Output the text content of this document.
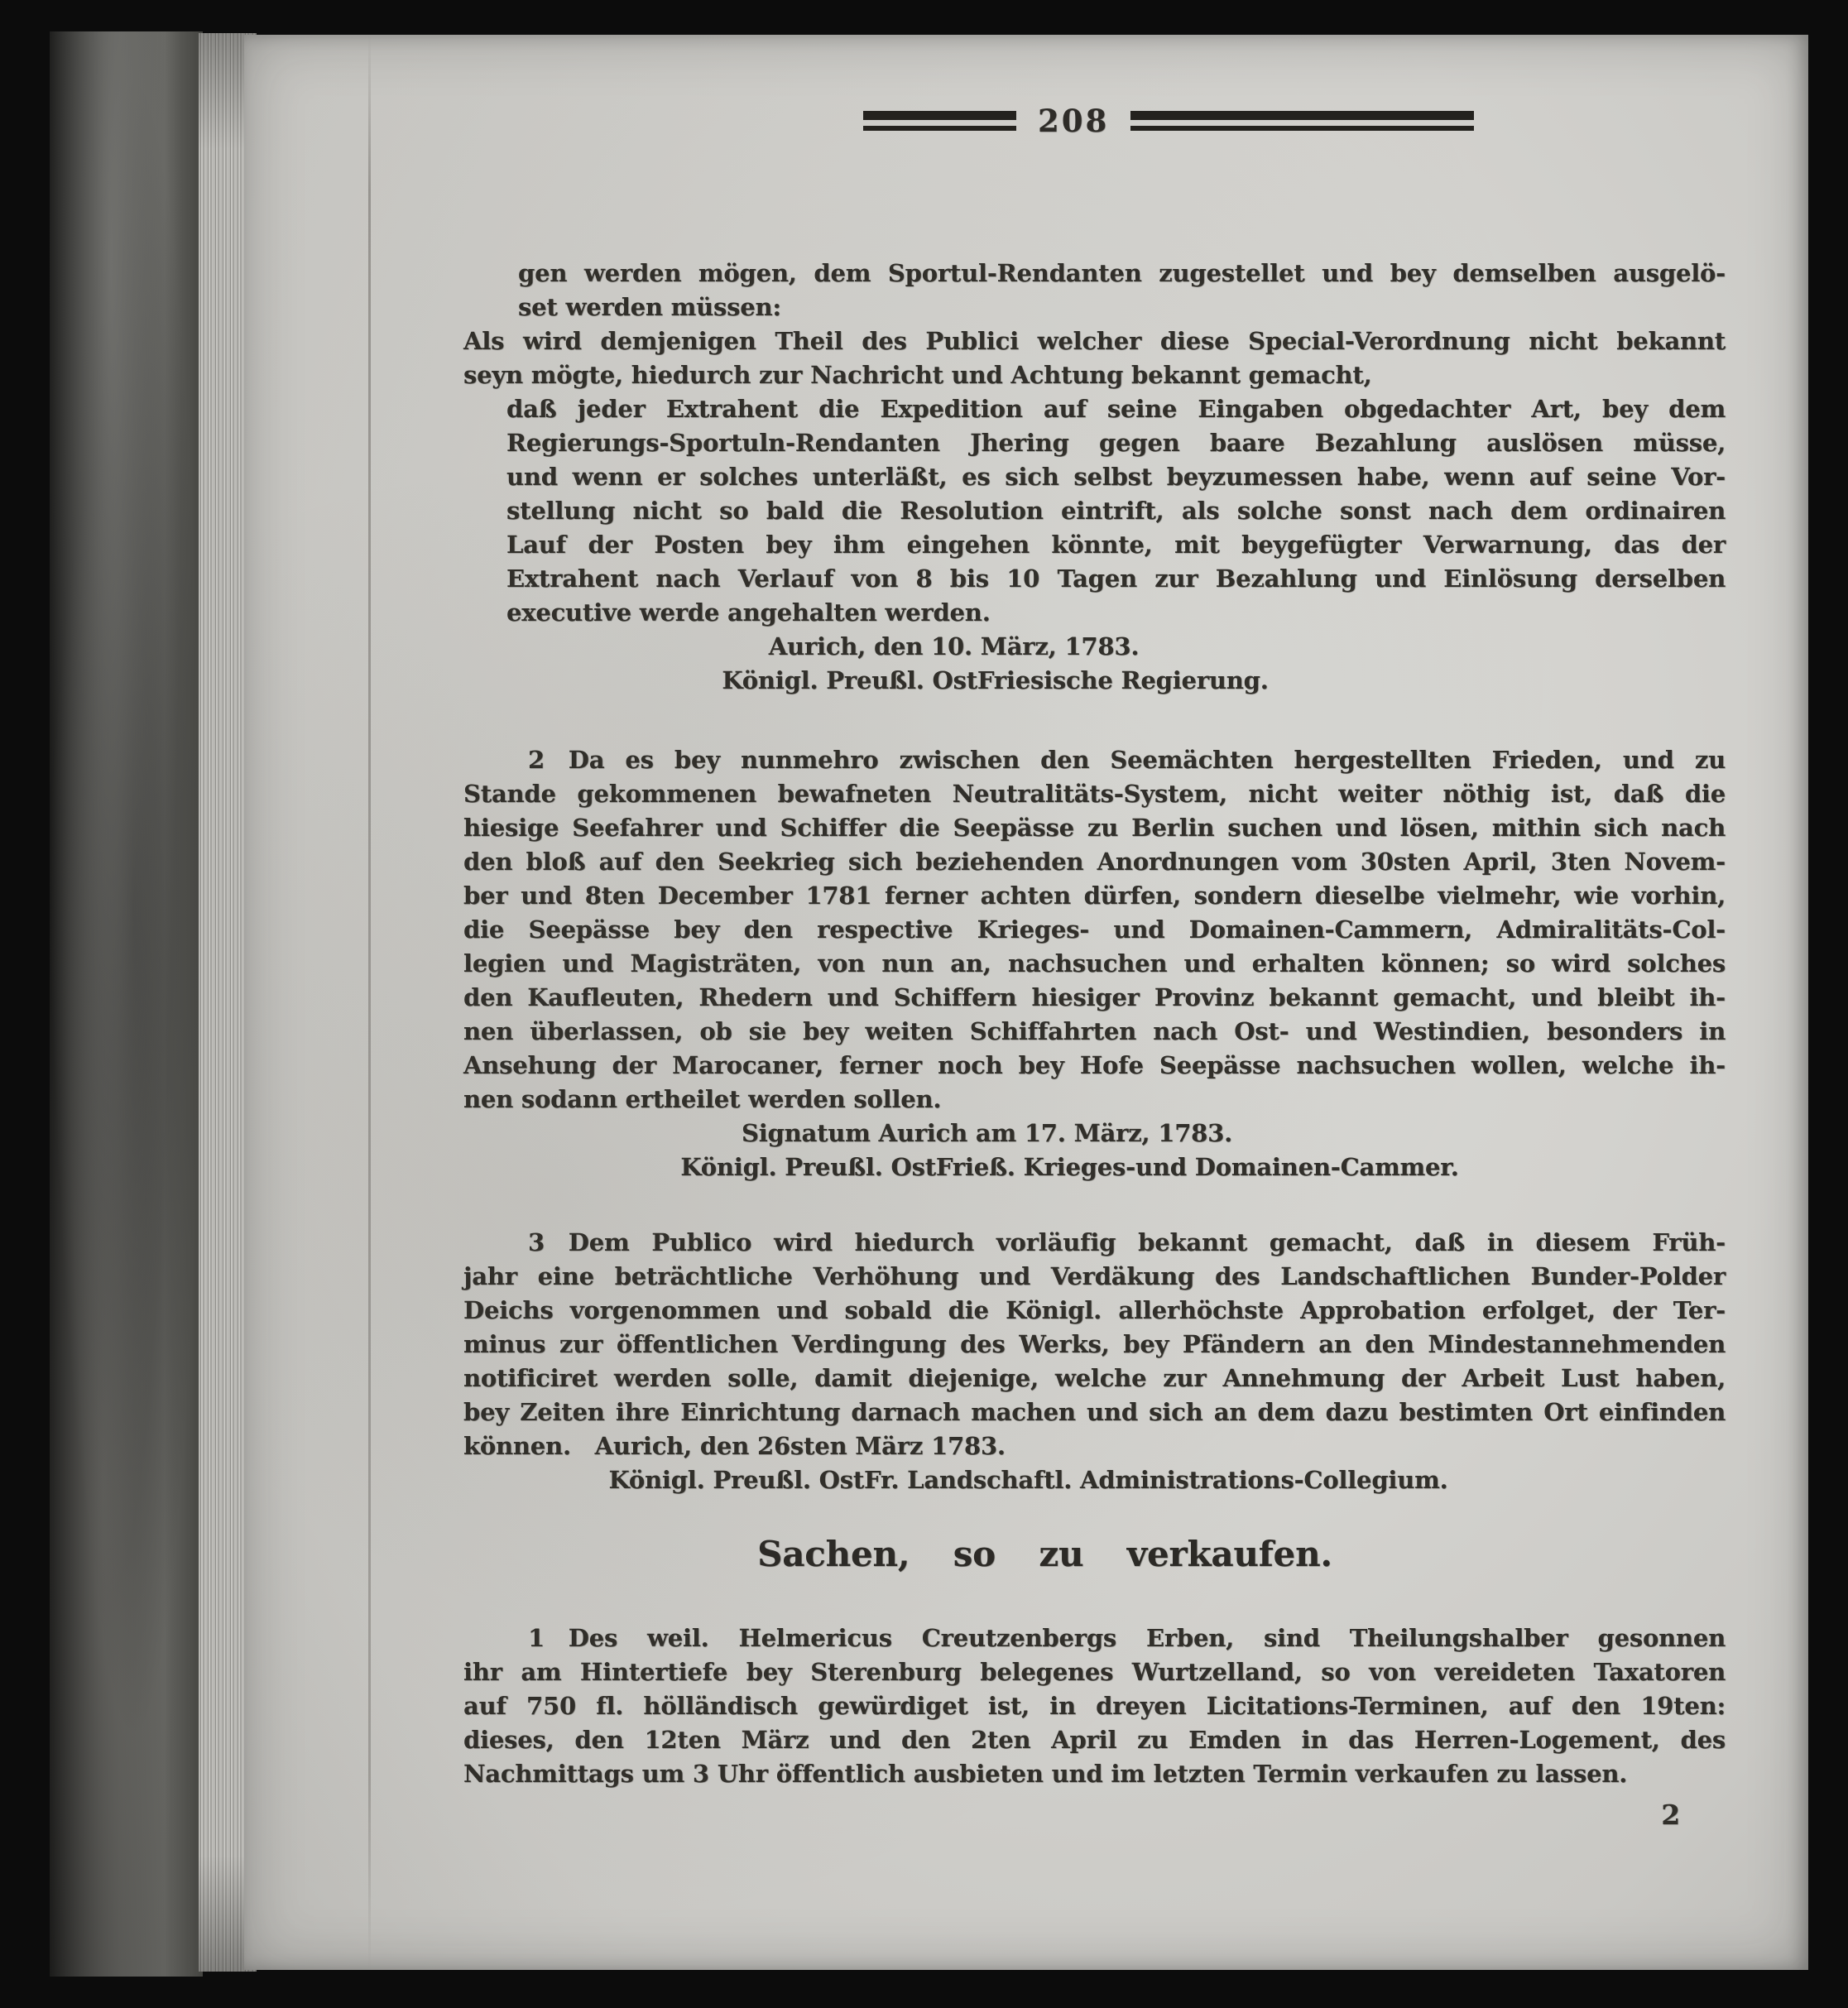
208
gen werden mögen, dem Sportul-Rendanten zugestellet und bey demselben ausgelö-
set werden müssen:
Als wird demjenigen Theil des Publici welcher diese Special-Verordnung nicht bekannt
seyn mögte, hiedurch zur Nachricht und Achtung bekannt gemacht,
daß jeder Extrahent die Expedition auf seine Eingaben obgedachter Art, bey dem
Regierungs-Sportuln-Rendanten Jhering gegen baare Bezahlung auslösen müsse,
und wenn er solches unterläßt, es sich selbst beyzumessen habe, wenn auf seine Vor-
stellung nicht so bald die Resolution eintrift, als solche sonst nach dem ordinairen
Lauf der Posten bey ihm eingehen könnte, mit beygefügter Verwarnung, das der
Extrahent nach Verlauf von 8 bis 10 Tagen zur Bezahlung und Einlösung derselben
executive werde angehalten werden.
Aurich, den 10. März, 1783.
Königl. Preußl. OstFriesische Regierung.
2 Da es bey nunmehro zwischen den Seemächten hergestellten Frieden, und zu
Stande gekommenen bewafneten Neutralitäts-System, nicht weiter nöthig ist, daß die
hiesige Seefahrer und Schiffer die Seepässe zu Berlin suchen und lösen, mithin sich nach
den bloß auf den Seekrieg sich beziehenden Anordnungen vom 30sten April, 3ten Novem-
ber und 8ten December 1781 ferner achten dürfen, sondern dieselbe vielmehr, wie vorhin,
die Seepässe bey den respective Krieges- und Domainen-Cammern, Admiralitäts-Col-
legien und Magisträten, von nun an, nachsuchen und erhalten können; so wird solches
den Kaufleuten, Rhedern und Schiffern hiesiger Provinz bekannt gemacht, und bleibt ih-
nen überlassen, ob sie bey weiten Schiffahrten nach Ost- und Westindien, besonders in
Ansehung der Marocaner, ferner noch bey Hofe Seepässe nachsuchen wollen, welche ih-
nen sodann ertheilet werden sollen.
Signatum Aurich am 17. März, 1783.
Königl. Preußl. OstFrieß. Krieges-und Domainen-Cammer.
3 Dem Publico wird hiedurch vorläufig bekannt gemacht, daß in diesem Früh-
jahr eine beträchtliche Verhöhung und Verdäkung des Landschaftlichen Bunder-Polder
Deichs vorgenommen und sobald die Königl. allerhöchste Approbation erfolget, der Ter-
minus zur öffentlichen Verdingung des Werks, bey Pfändern an den Mindestannehmenden
notificiret werden solle, damit diejenige, welche zur Annehmung der Arbeit Lust haben,
bey Zeiten ihre Einrichtung darnach machen und sich an dem dazu bestimten Ort einfinden
können. Aurich, den 26sten März 1783.
Königl. Preußl. OstFr. Landschaftl. Administrations-Collegium.
Sachen, so zu verkaufen.
1 Des weil. Helmericus Creutzenbergs Erben, sind Theilungshalber gesonnen
ihr am Hintertiefe bey Sterenburg belegenes Wurtzelland, so von vereideten Taxatoren
auf 750 fl. hölländisch gewürdiget ist, in dreyen Licitations-Terminen, auf den 19ten:
dieses, den 12ten März und den 2ten April zu Emden in das Herren-Logement, des
Nachmittags um 3 Uhr öffentlich ausbieten und im letzten Termin verkaufen zu lassen.
2
